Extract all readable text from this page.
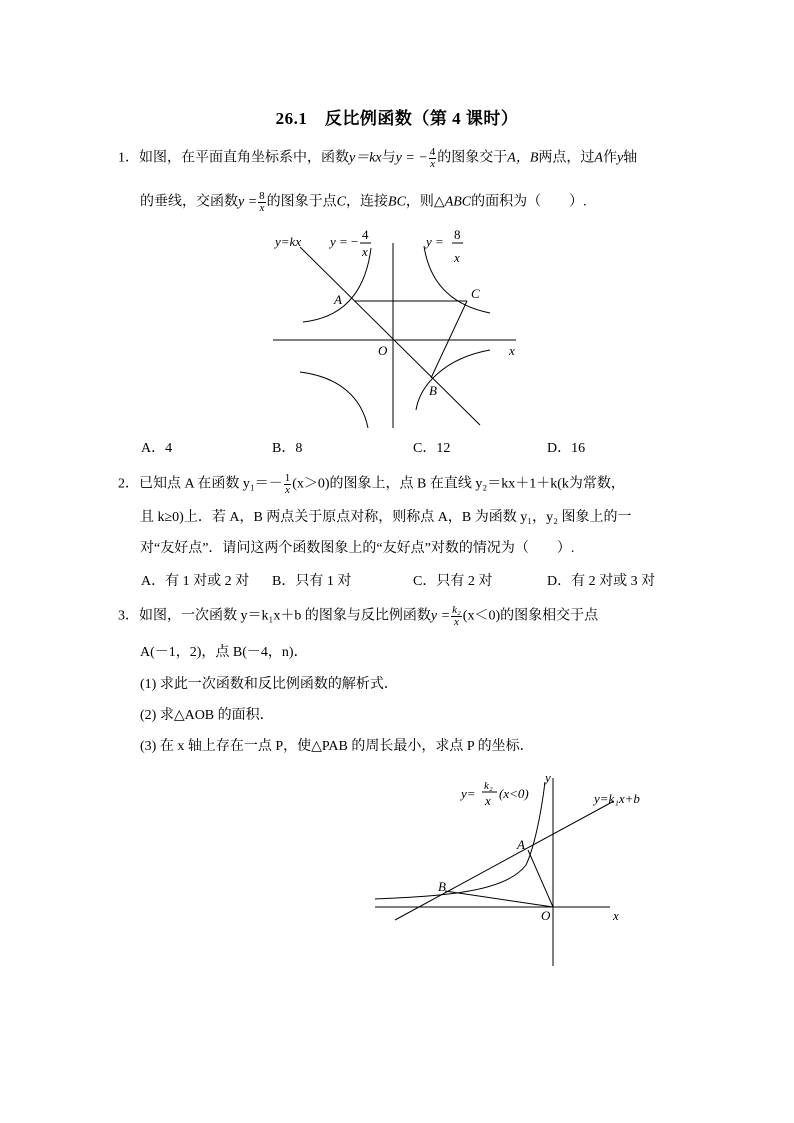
26.1　反比例函数（第 4 课时）
1．如图，在平面直角坐标系中，函数y＝kx与y = − $\frac{4}{x}$ 的图象交于A，B两点，过A作y轴
的垂线，交函数$y = \frac{8}{x}$ 的图象于点C，连接BC，则△ABC的面积为（　　）.
y=kx y = − 4
x
y = 8
x
A	C
B
O	x
y= k₂
x (x<0)	y=k₁x+b
A
B
O	x
y
A．4	B．8	C．12	D．16
2．已知点 A 在函数 $y_1=- \frac{1}{x} (x>0)$的图象上，点 B 在直线 y₂＝kx＋1＋k(k为常数，
且 k≥0)上．若 A，B 两点关于原点对称，则称点 A，B 为函数 y₁，y₂ 图象上的一
对“友好点”．请问这两个函数图象上的“友好点”对数的情况为（　　）.
A．有 1 对或 2 对 B．只有 1 对	C．只有 2 对	D．有 2 对或 3 对
3．如图，一次函数 y＝k₁x＋b 的图象与反比例函数$y = \frac{\text{k₂}}{x} (x<0)$的图象相交于点
A(－1，2)，点 B(－4，n)．
(1) 求此一次函数和反比例函数的解析式．
(2) 求△AOB 的面积．
(3) 在 x 轴上存在一点 P，使△PAB 的周长最小，求点 P 的坐标．
